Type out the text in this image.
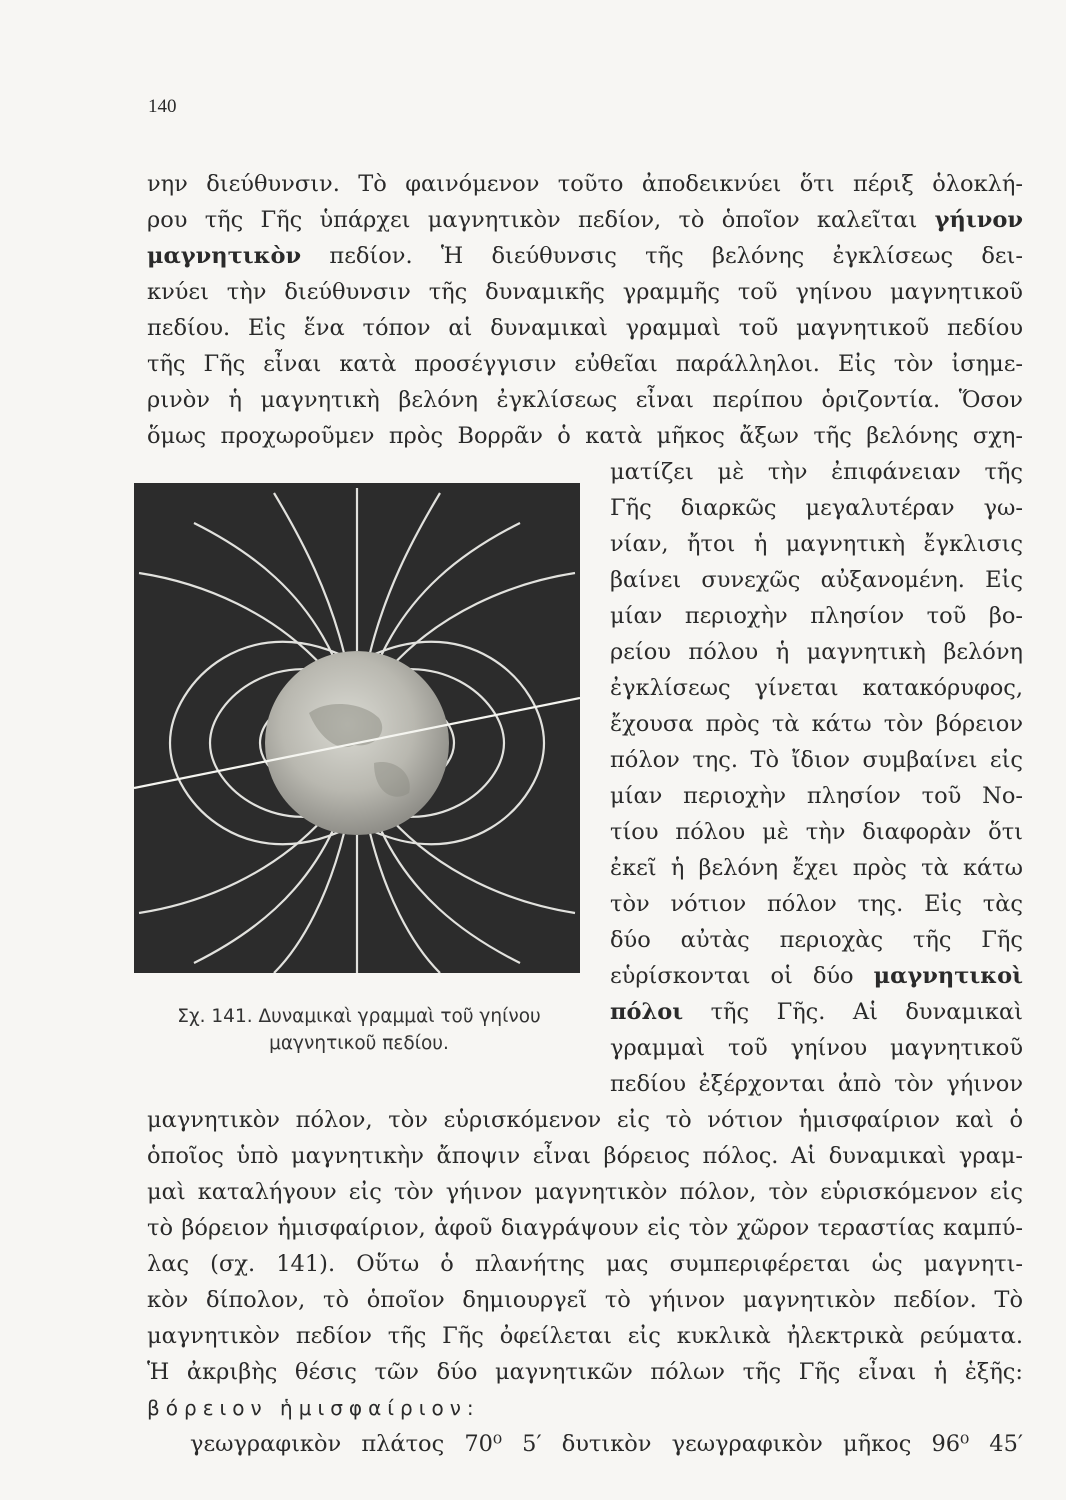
140
νην διεύθυνσιν. Τὸ φαινόμενον τοῦτο ἀποδεικνύει ὅτι πέριξ ὁλοκλή-
ρου τῆς Γῆς ὑπάρχει μαγνητικὸν πεδίον, τὸ ὁποῖον καλεῖται γήινον
μαγνητικὸν πεδίον. Ἡ διεύθυνσις τῆς βελόνης ἐγκλίσεως δει-
κνύει τὴν διεύθυνσιν τῆς δυναμικῆς γραμμῆς τοῦ γηίνου μαγνητικοῦ
πεδίου. Εἰς ἕνα τόπον αἱ δυναμικαὶ γραμμαὶ τοῦ μαγνητικοῦ πεδίου
τῆς Γῆς εἶναι κατὰ προσέγγισιν εὐθεῖαι παράλληλοι. Εἰς τὸν ἰσημε-
ρινὸν ἡ μαγνητικὴ βελόνη ἐγκλίσεως εἶναι περίπου ὁριζοντία. Ὅσον
ὅμως προχωροῦμεν πρὸς Βορρᾶν ὁ κατὰ μῆκος ἄξων τῆς βελόνης σχη-
Σχ. 141. Δυναμικαὶ γραμμαὶ τοῦ γηίνου
μαγνητικοῦ πεδίου.
ματίζει μὲ τὴν ἐπιφάνειαν τῆς
Γῆς διαρκῶς μεγαλυτέραν γω-
νίαν, ἤτοι ἡ μαγνητικὴ ἔγκλισις
βαίνει συνεχῶς αὐξανομένη. Εἰς
μίαν περιοχὴν πλησίον τοῦ βο-
ρείου πόλου ἡ μαγνητικὴ βελόνη
ἐγκλίσεως γίνεται κατακόρυφος,
ἔχουσα πρὸς τὰ κάτω τὸν βόρειον
πόλον της. Τὸ ἴδιον συμβαίνει εἰς
μίαν περιοχὴν πλησίον τοῦ Νο-
τίου πόλου μὲ τὴν διαφορὰν ὅτι
ἐκεῖ ἡ βελόνη ἔχει πρὸς τὰ κάτω
τὸν νότιον πόλον της. Εἰς τὰς
δύο αὐτὰς περιοχὰς τῆς Γῆς
εὑρίσκονται οἱ δύο μαγνητικοὶ
πόλοι τῆς Γῆς. Αἱ δυναμικαὶ
γραμμαὶ τοῦ γηίνου μαγνητικοῦ
πεδίου ἐξέρχονται ἀπὸ τὸν γήινον
μαγνητικὸν πόλον, τὸν εὑρισκόμενον εἰς τὸ νότιον ἡμισφαίριον καὶ ὁ
ὁποῖος ὑπὸ μαγνητικὴν ἄποψιν εἶναι βόρειος πόλος. Αἱ δυναμικαὶ γραμ-
μαὶ καταλήγουν εἰς τὸν γήινον μαγνητικὸν πόλον, τὸν εὑρισκόμενον εἰς
τὸ βόρειον ἡμισφαίριον, ἀφοῦ διαγράψουν εἰς τὸν χῶρον τεραστίας καμπύ-
λας (σχ. 141). Οὕτω ὁ πλανήτης μας συμπεριφέρεται ὡς μαγνητι-
κὸν δίπολον, τὸ ὁποῖον δημιουργεῖ τὸ γήινον μαγνητικὸν πεδίον. Τὸ
μαγνητικὸν πεδίον τῆς Γῆς ὀφείλεται εἰς κυκλικὰ ἠλεκτρικὰ ρεύματα.
Ἡ ἀκριβὴς θέσις τῶν δύο μαγνητικῶν πόλων τῆς Γῆς εἶναι ἡ ἑξῆς:
βόρειον ἡμισφαίριον:
γεωγραφικὸν πλάτος 70⁰ 5′ δυτικὸν γεωγραφικὸν μῆκος 96⁰ 45′
